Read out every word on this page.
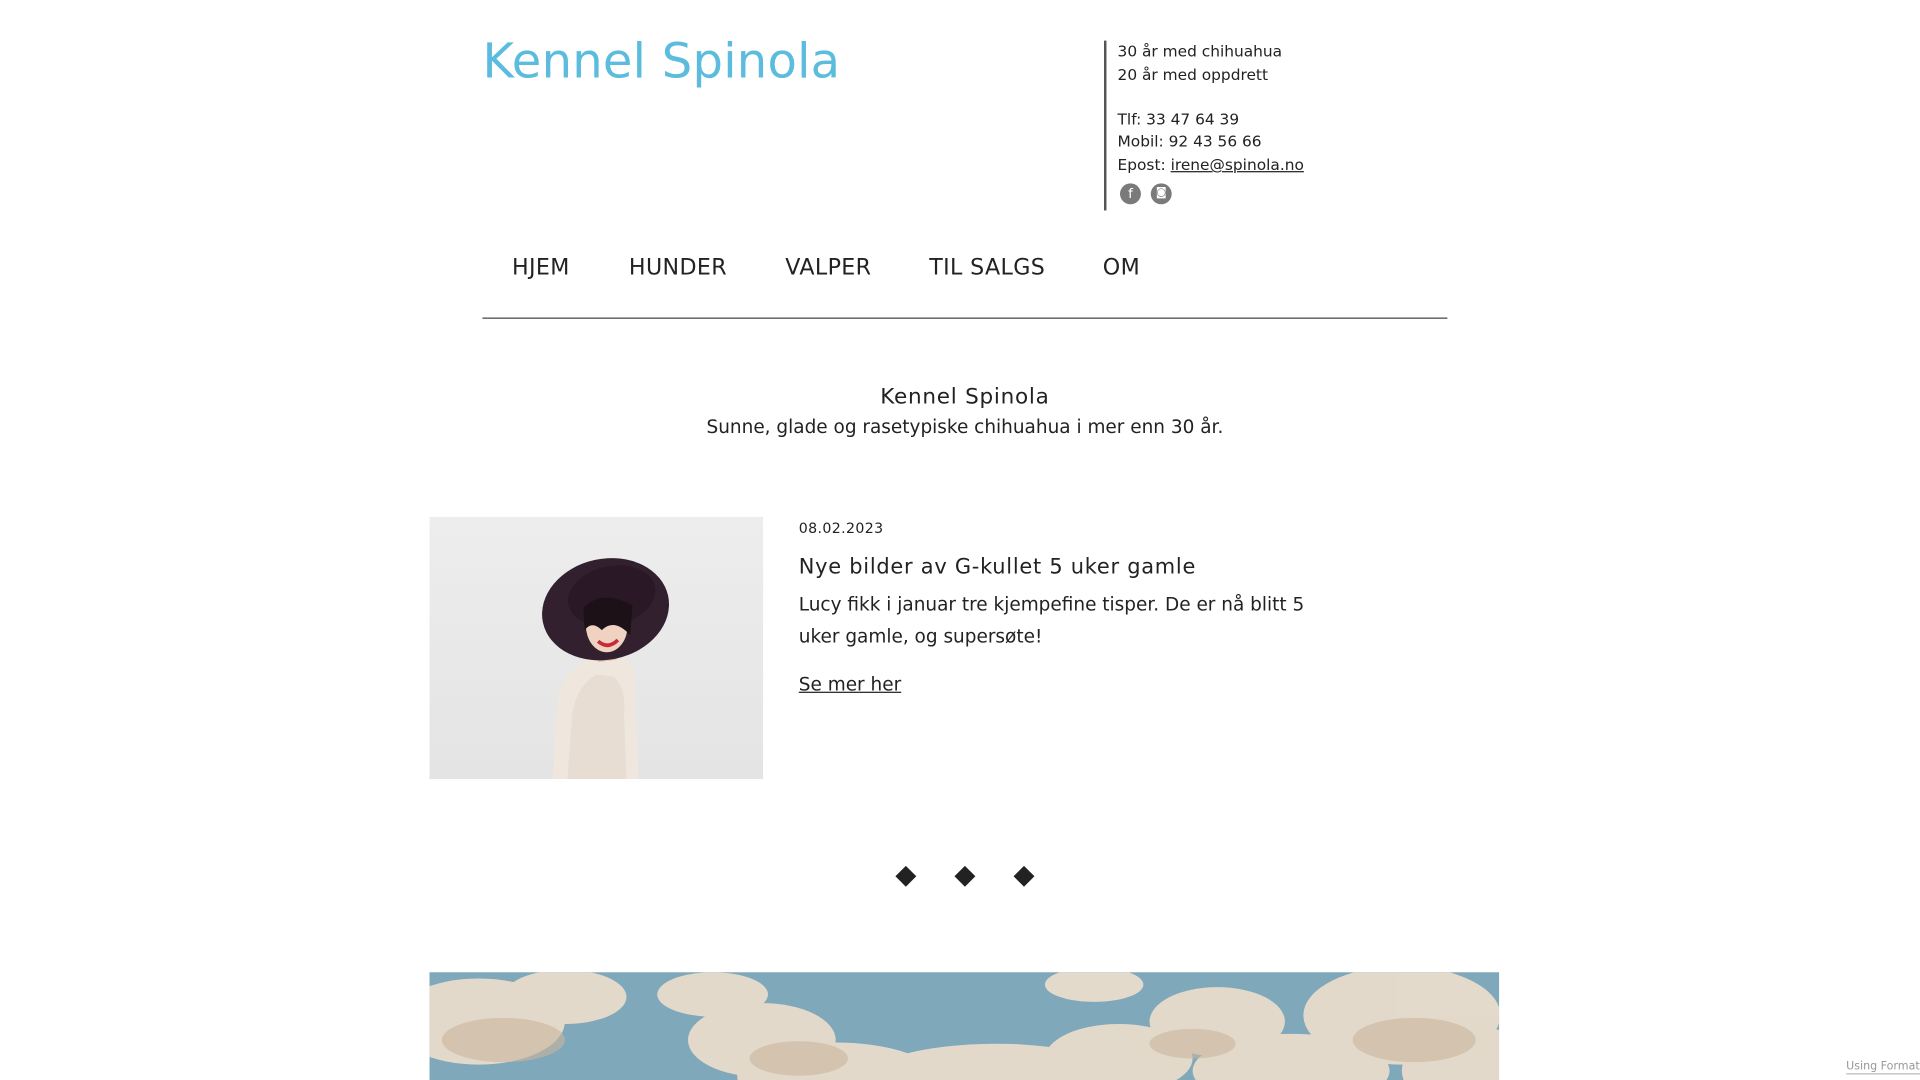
Kennel Spinola	30 år med chihuahua
20 år med oppdrett
Tlf: 33 47 64 39
Mobil: 92 43 56 66
Epost: irene@spinola.no
f	◙
HJEM	HUNDER	VALPER	TIL SALGS	OM
Kennel Spinola
Sunne, glade og rasetypiske chihuahua i mer enn 30 år.
08.02.2023
Nye bilder av G-kullet 5 uker gamle
Lucy fikk i januar tre kjempefine tisper. De er nå blitt 5 uker gamle, og supersøte!
Se mer her
Using Format
